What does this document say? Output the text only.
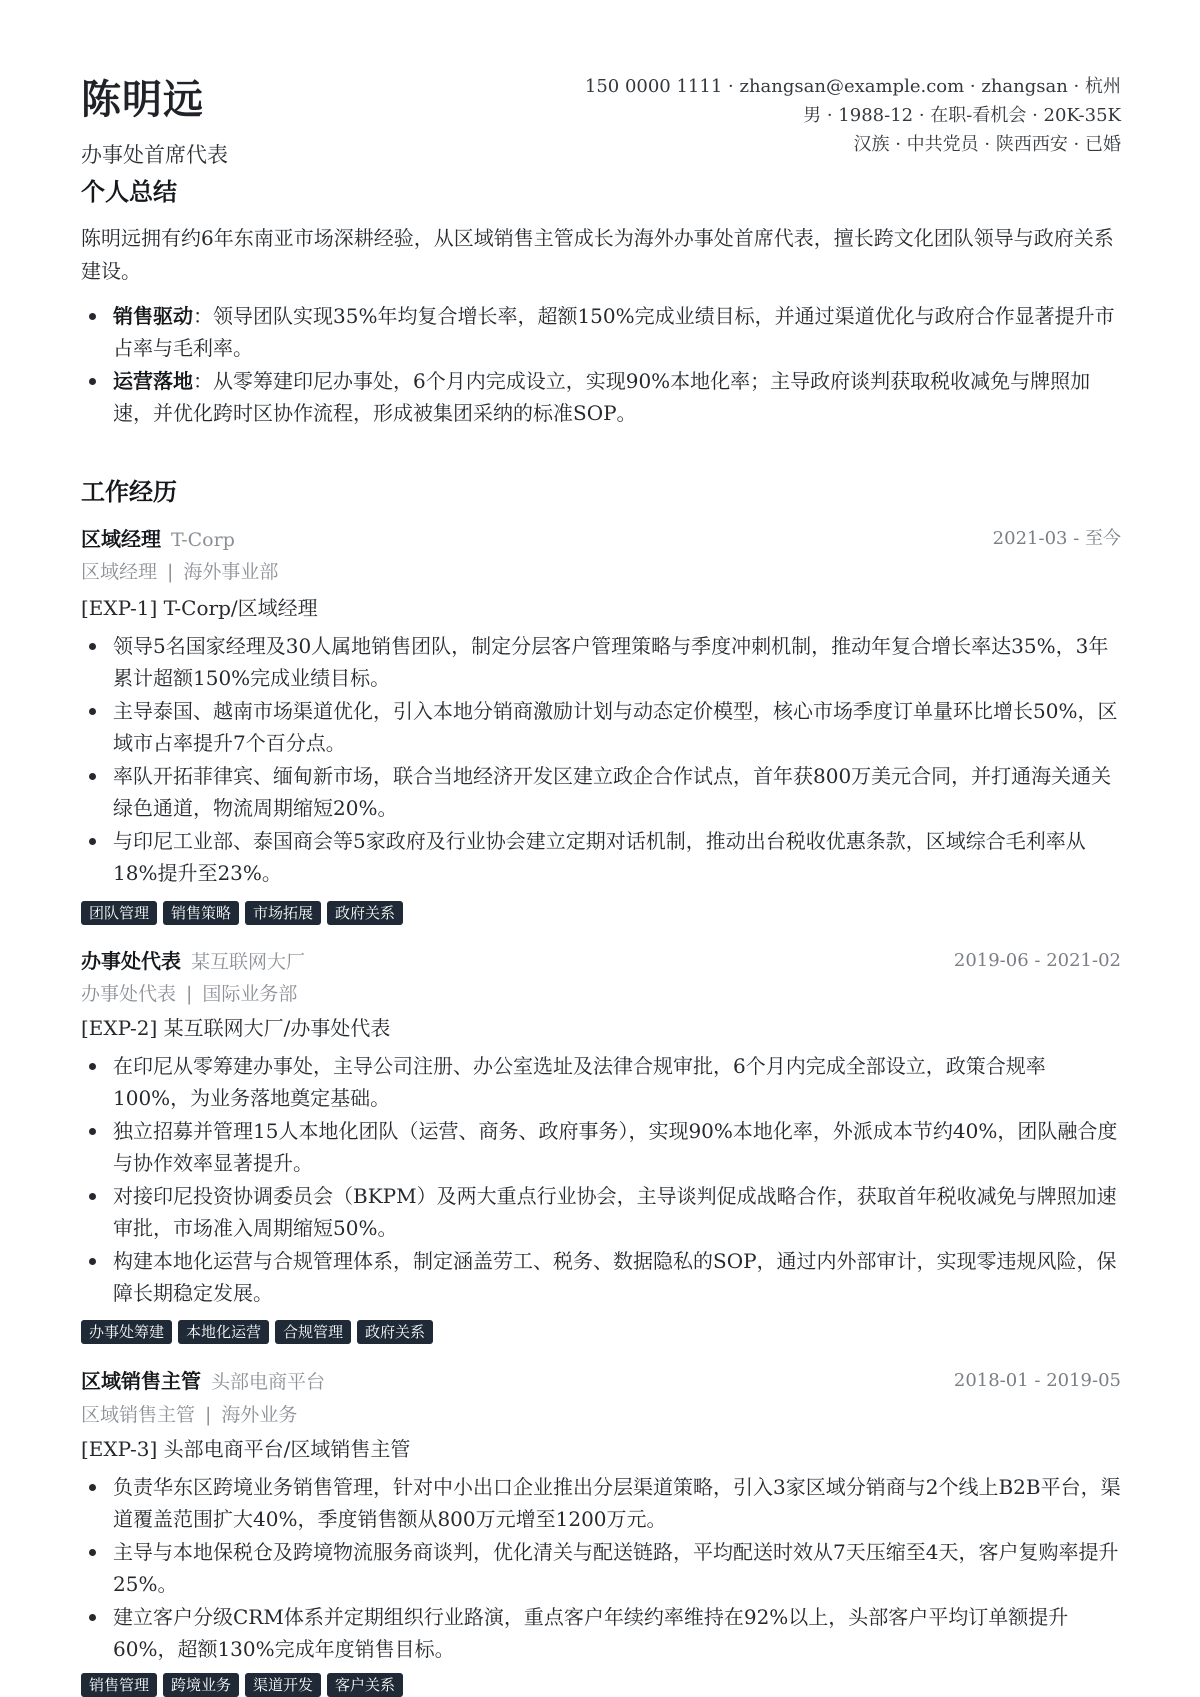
陈明远
办事处首席代表
150 0000 1111 · zhangsan@example.com · zhangsan · 杭州
男 · 1988-12 · 在职-看机会 · 20K-35K
汉族 · 中共党员 · 陕西西安 · 已婚
个人总结
陈明远拥有约6年东南亚市场深耕经验，从区域销售主管成长为海外办事处首席代表，擅长跨文化团队领导与政府关系建设。
销售驱动：领导团队实现35%年均复合增长率，超额150%完成业绩目标，并通过渠道优化与政府合作显著提升市占率与毛利率。
运营落地：从零筹建印尼办事处，6个月内完成设立，实现90%本地化率；主导政府谈判获取税收减免与牌照加速，并优化跨时区协作流程，形成被集团采纳的标准SOP。
工作经历
区域经理 T-Corp	2021-03 - 至今
区域经理 | 海外事业部
[EXP-1] T-Corp/区域经理
领导5名国家经理及30人属地销售团队，制定分层客户管理策略与季度冲刺机制，推动年复合增长率达35%，3年累计超额150%完成业绩目标。
主导泰国、越南市场渠道优化，引入本地分销商激励计划与动态定价模型，核心市场季度订单量环比增长50%，区域市占率提升7个百分点。
率队开拓菲律宾、缅甸新市场，联合当地经济开发区建立政企合作试点，首年获800万美元合同，并打通海关通关绿色通道，物流周期缩短20%。
与印尼工业部、泰国商会等5家政府及行业协会建立定期对话机制，推动出台税收优惠条款，区域综合毛利率从18%提升至23%。
团队管理	销售策略	市场拓展	政府关系
办事处代表 某互联网大厂	2019-06 - 2021-02
办事处代表 | 国际业务部
[EXP-2] 某互联网大厂/办事处代表
在印尼从零筹建办事处，主导公司注册、办公室选址及法律合规审批，6个月内完成全部设立，政策合规率100%，为业务落地奠定基础。
独立招募并管理15人本地化团队（运营、商务、政府事务），实现90%本地化率，外派成本节约40%，团队融合度与协作效率显著提升。
对接印尼投资协调委员会（BKPM）及两大重点行业协会，主导谈判促成战略合作，获取首年税收减免与牌照加速审批，市场准入周期缩短50%。
构建本地化运营与合规管理体系，制定涵盖劳工、税务、数据隐私的SOP，通过内外部审计，实现零违规风险，保障长期稳定发展。
办事处筹建	本地化运营	合规管理	政府关系
区域销售主管 头部电商平台	2018-01 - 2019-05
区域销售主管 | 海外业务
[EXP-3] 头部电商平台/区域销售主管
负责华东区跨境业务销售管理，针对中小出口企业推出分层渠道策略，引入3家区域分销商与2个线上B2B平台，渠道覆盖范围扩大40%，季度销售额从800万元增至1200万元。
主导与本地保税仓及跨境物流服务商谈判，优化清关与配送链路，平均配送时效从7天压缩至4天，客户复购率提升25%。
建立客户分级CRM体系并定期组织行业路演，重点客户年续约率维持在92%以上，头部客户平均订单额提升60%，超额130%完成年度销售目标。
销售管理	跨境业务	渠道开发	客户关系
